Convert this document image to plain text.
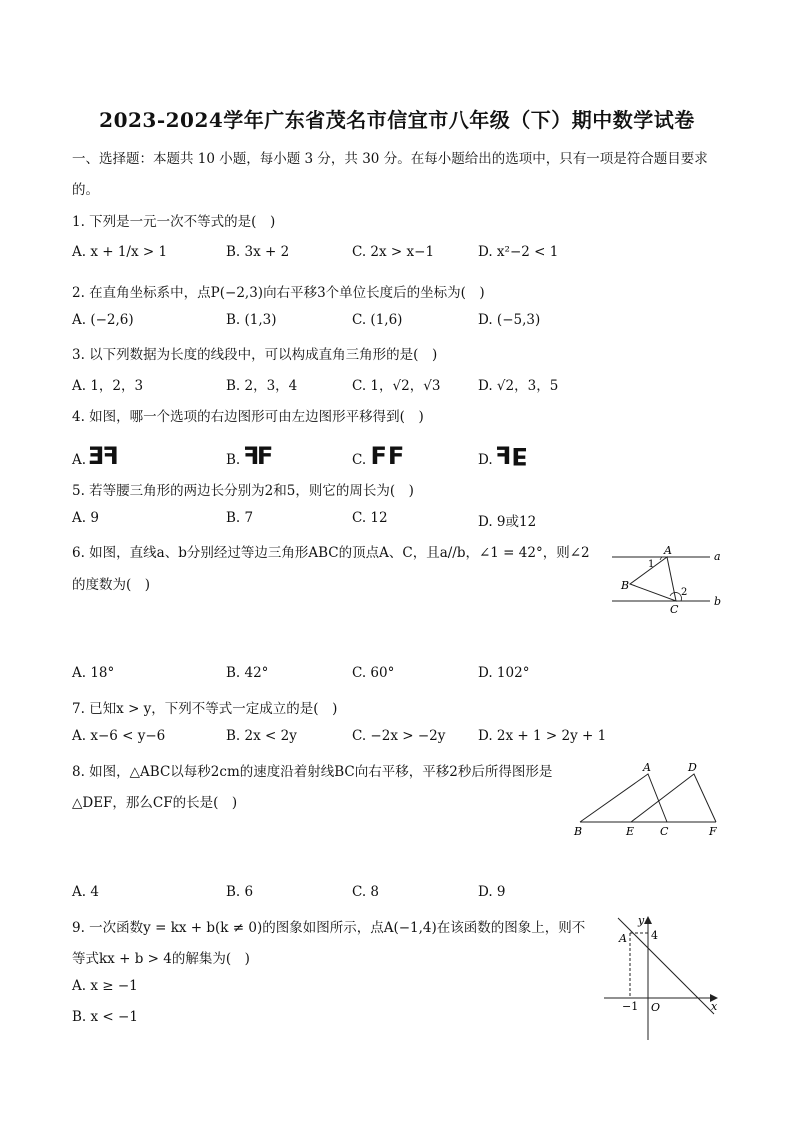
2023-2024学年广东省茂名市信宜市八年级（下）期中数学试卷
一、选择题：本题共 10 小题，每小题 3 分，共 30 分。在每小题给出的选项中，只有一项是符合题目要求
的。
1. 下列是一元一次不等式的是(　)
A. x + 1/x > 1	B. 3x + 2	C. 2x > x−1	D. x²−2 < 1
2. 在直角坐标系中，点P(−2,3)向右平移3个单位长度后的坐标为(　)
A. (−2,6)	B. (1,3)	C. (1,6)	D. (−5,3)
3. 以下列数据为长度的线段中，可以构成直角三角形的是(　)
A. 1，2，3	B. 2，3，4	C. 1，√2，√3	D. √2，3，5
4. 如图，哪一个选项的右边图形可由左边图形平移得到(　)
A. FE	B. FF	C. FF	D. FE
5. 若等腰三角形的两边长分别为2和5，则它的周长为(　)
A. 9	B. 7	C. 12	D. 9或12
6. 如图，直线a、b分别经过等边三角形ABC的顶点A、C，且a//b，∠1 = 42°，则∠2
的度数为(　)
A	a
b
B
C
1
2
A. 18°	B. 42°	C. 60°	D. 102°
7. 已知x > y，下列不等式一定成立的是(　)
A. x−6 < y−6	B. 2x < 2y	C. −2x > −2y D. 2x + 1 > 2y + 1
8. 如图，△ABC以每秒2cm的速度沿着射线BC向右平移，平移2秒后所得图形是
△DEF，那么CF的长是(　)
A	D
B	E C	F
A. 4	B. 6	C. 8	D. 9
9. 一次函数y = kx + b(k ≠ 0)的图象如图所示，点A(−1,4)在该函数的图象上，则不
等式kx + b > 4的解集为(　)
A. x ≥ −1
B. x < −1
y
x
A 4
−1 O
